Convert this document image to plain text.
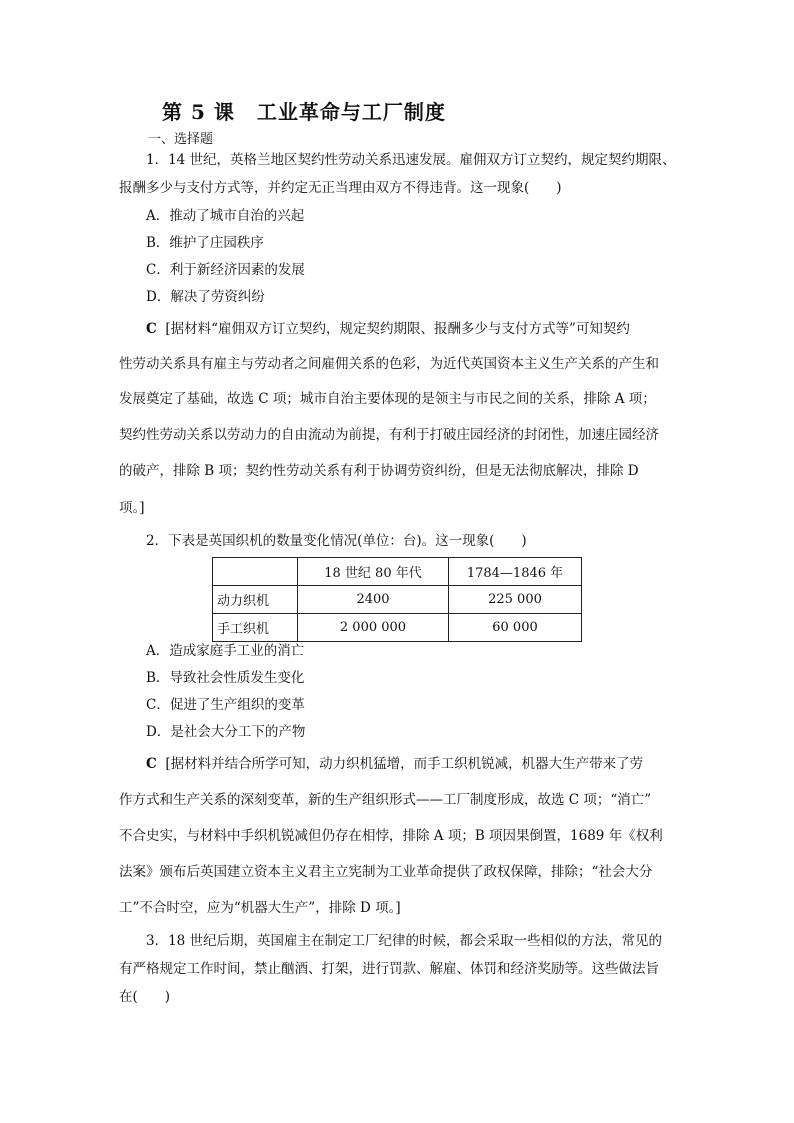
第 5 课 工业革命与工厂制度
一、选择题
1．14 世纪，英格兰地区契约性劳动关系迅速发展。雇佣双方订立契约，规定契约期限、
报酬多少与支付方式等，并约定无正当理由双方不得违背。这一现象(　　)
A．推动了城市自治的兴起
B．维护了庄园秩序
C．利于新经济因素的发展
D．解决了劳资纠纷
C [据材料“雇佣双方订立契约，规定契约期限、报酬多少与支付方式等”可知契约
性劳动关系具有雇主与劳动者之间雇佣关系的色彩，为近代英国资本主义生产关系的产生和
发展奠定了基础，故选 C 项；城市自治主要体现的是领主与市民之间的关系，排除 A 项；
契约性劳动关系以劳动力的自由流动为前提，有利于打破庄园经济的封闭性，加速庄园经济
的破产，排除 B 项；契约性劳动关系有利于协调劳资纠纷，但是无法彻底解决，排除 D
项。]
2．下表是英国织机的数量变化情况(单位：台)。这一现象(　　)
	18 世纪 80 年代	1784—1846 年
动力织机	2400	225 000
手工织机	2 000 000	60 000
A．造成家庭手工业的消亡
B．导致社会性质发生变化
C．促进了生产组织的变革
D．是社会大分工下的产物
C [据材料并结合所学可知，动力织机猛增，而手工织机锐减，机器大生产带来了劳
作方式和生产关系的深刻变革，新的生产组织形式——工厂制度形成，故选 C 项；“消亡”
不合史实，与材料中手织机锐减但仍存在相悖，排除 A 项；B 项因果倒置，1689 年《权利
法案》颁布后英国建立资本主义君主立宪制为工业革命提供了政权保障，排除；“社会大分
工”不合时空，应为“机器大生产”，排除 D 项。]
3．18 世纪后期，英国雇主在制定工厂纪律的时候，都会采取一些相似的方法，常见的
有严格规定工作时间，禁止酗酒、打架，进行罚款、解雇、体罚和经济奖励等。这些做法旨
在(　　)
